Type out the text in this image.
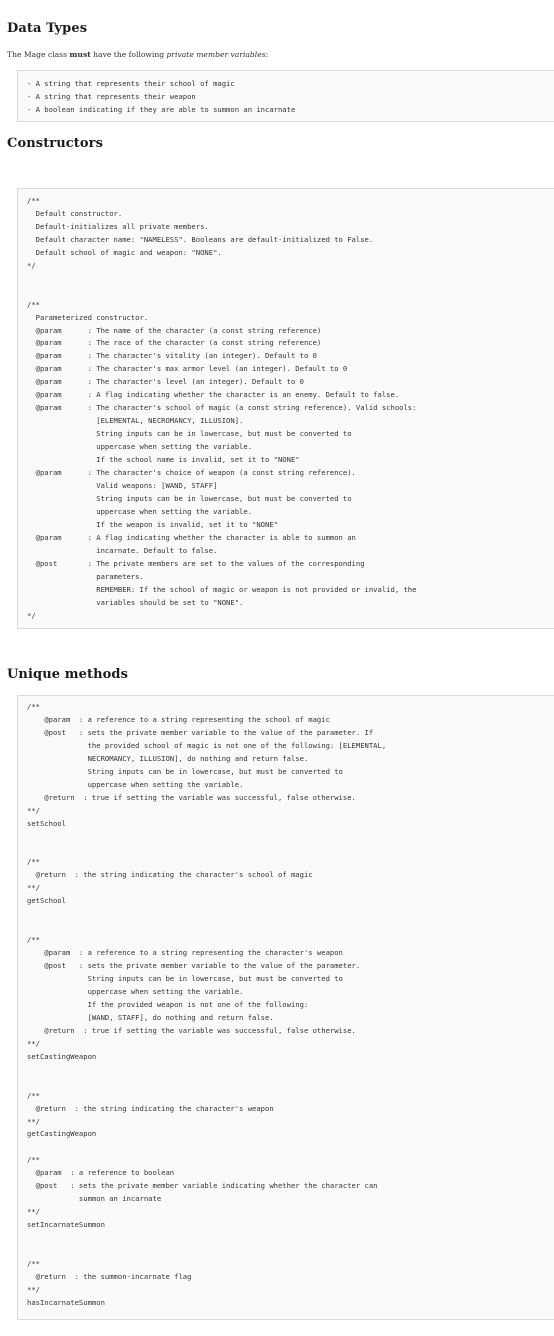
Data Types

The Mage class must have the following private member variables:

- A string that represents their school of magic
- A string that represents their weapon
- A boolean indicating if they are able to summon an incarnate
Constructors
/**
Default constructor.
Default-initializes all private members.
Default character name: "NAMELESS". Booleans are default-initialized to False.
Default school of magic and weapon: "NONE".
*/

/**
Parameterized constructor.
@param      : The name of the character (a const string reference)
@param      : The race of the character (a const string reference)
@param      : The character's vitality (an integer). Default to 0
@param      : The character's max armor level (an integer). Default to 0
@param      : The character's level (an integer). Default to 0
@param      : A flag indicating whether the character is an enemy. Default to false.
@param      : The character's school of magic (a const string reference). Valid schools:
[ELEMENTAL, NECROMANCY, ILLUSION].
String inputs can be in lowercase, but must be converted to
uppercase when setting the variable.
If the school name is invalid, set it to "NONE"
@param      : The character's choice of weapon (a const string reference).
Valid weapons: [WAND, STAFF]
String inputs can be in lowercase, but must be converted to
uppercase when setting the variable.
If the weapon is invalid, set it to "NONE"
@param      : A flag indicating whether the character is able to summon an
incarnate. Default to false.
@post       : The private members are set to the values of the corresponding
parameters.
REMEMBER: If the school of magic or weapon is not provided or invalid, the
variables should be set to "NONE".
*/
Unique methods
/**
@param  : a reference to a string representing the school of magic
@post   : sets the private member variable to the value of the parameter. If
the provided school of magic is not one of the following: [ELEMENTAL,
NECROMANCY, ILLUSION], do nothing and return false.
String inputs can be in lowercase, but must be converted to
uppercase when setting the variable.
@return  : true if setting the variable was successful, false otherwise.
**/
setSchool

/**
@return  : the string indicating the character's school of magic
**/
getSchool

/**
@param  : a reference to a string representing the character's weapon
@post   : sets the private member variable to the value of the parameter.
String inputs can be in lowercase, but must be converted to
uppercase when setting the variable.
If the provided weapon is not one of the following:
[WAND, STAFF], do nothing and return false.
@return  : true if setting the variable was successful, false otherwise.
**/
setCastingWeapon

/**
@return  : the string indicating the character's weapon
**/
getCastingWeapon

/**
@param  : a reference to boolean
@post   : sets the private member variable indicating whether the character can
summon an incarnate
**/
setIncarnateSummon

/**
@return  : the summon-incarnate flag
**/
hasIncarnateSummon
